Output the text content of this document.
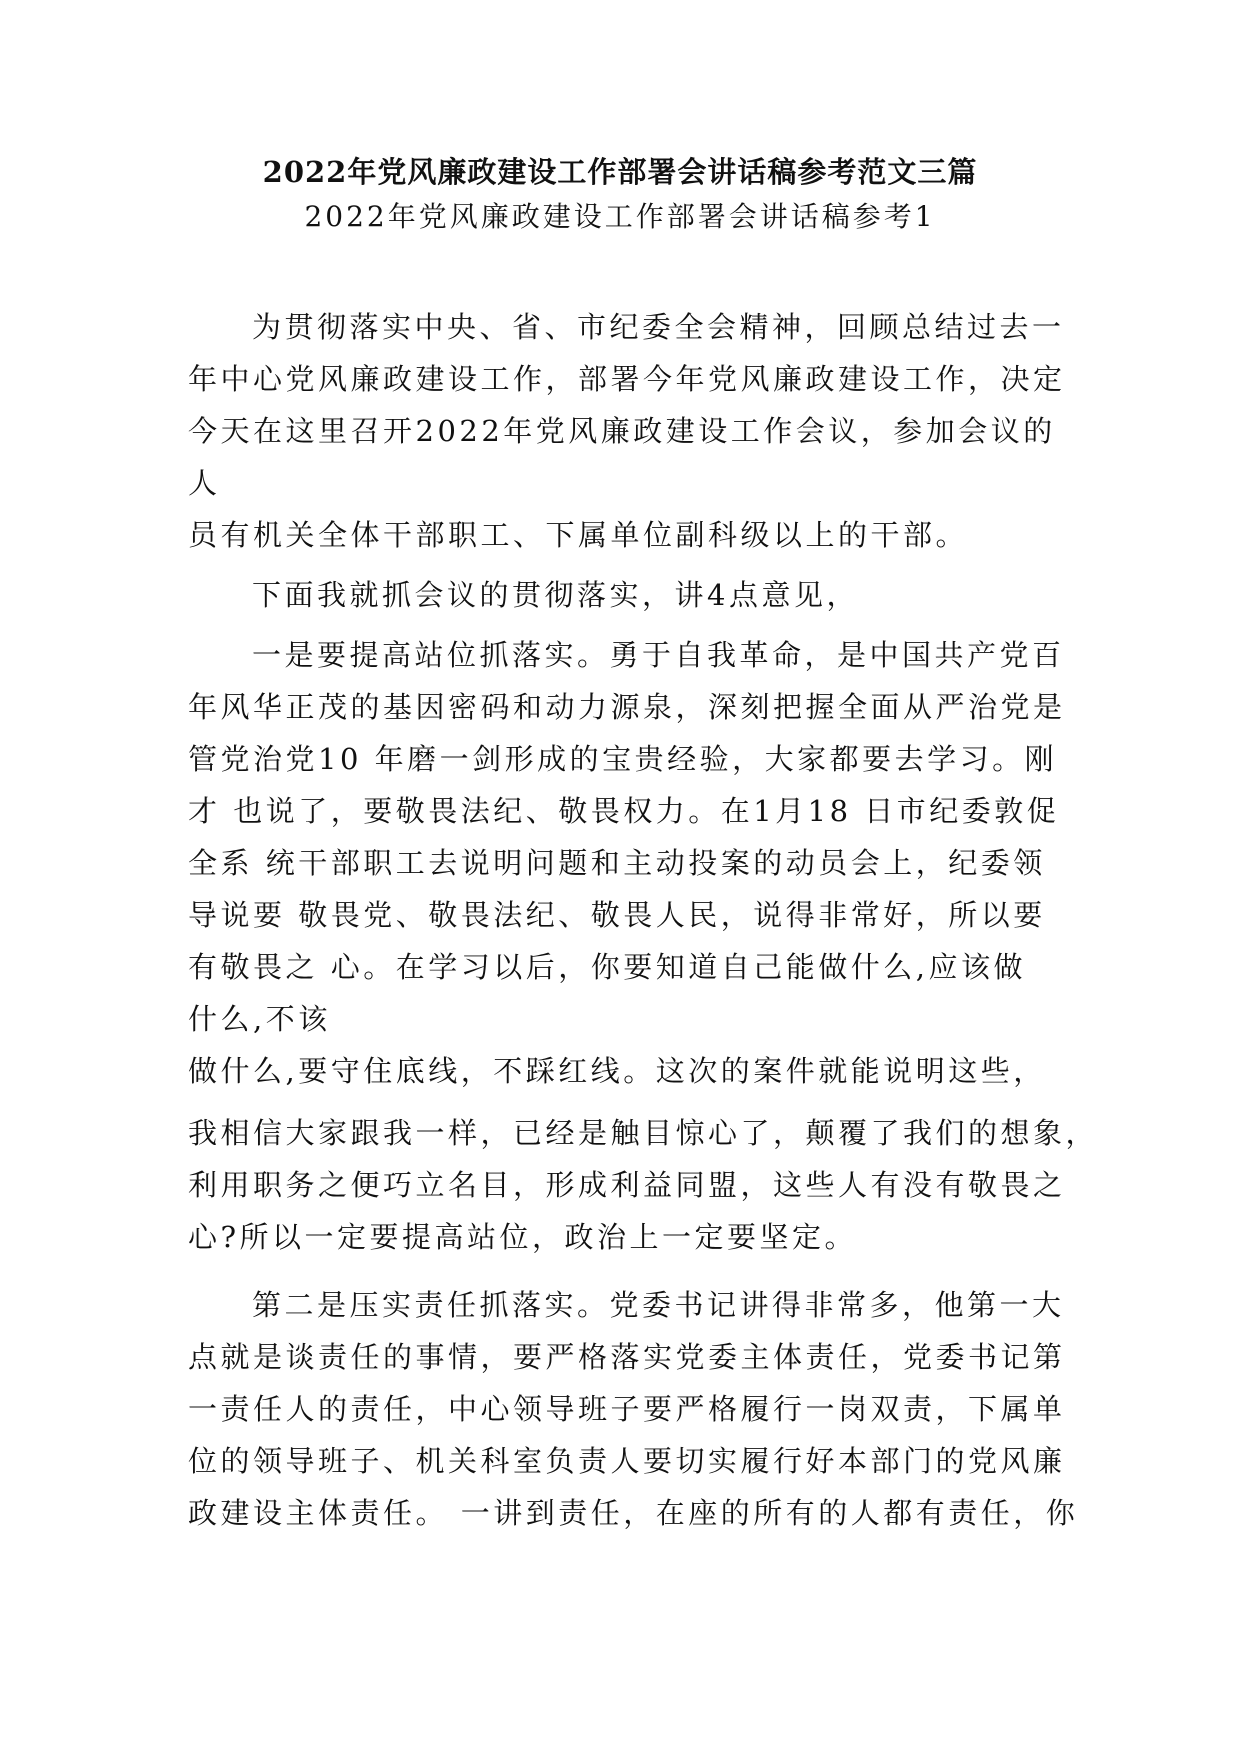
2022年党风廉政建设工作部署会讲话稿参考范文三篇
2022年党风廉政建设工作部署会讲话稿参考1
为贯彻落实中央、省、市纪委全会精神，回顾总结过去一
年中心党风廉政建设工作，部署今年党风廉政建设工作，决定
今天在这里召开2022年党风廉政建设工作会议，参加会议的
人
员有机关全体干部职工、下属单位副科级以上的干部。
下面我就抓会议的贯彻落实，讲4点意见，
一是要提高站位抓落实。勇于自我革命，是中国共产党百
年风华正茂的基因密码和动力源泉，深刻把握全面从严治党是
管党治党10 年磨一剑形成的宝贵经验，大家都要去学习。刚
才 也说了，要敬畏法纪、敬畏权力。在1月18 日市纪委敦促
全系 统干部职工去说明问题和主动投案的动员会上，纪委领
导说要 敬畏党、敬畏法纪、敬畏人民，说得非常好，所以要
有敬畏之 心。在学习以后，你要知道自己能做什么,应该做
什么,不该
做什么,要守住底线，不踩红线。这次的案件就能说明这些，
我相信大家跟我一样，已经是触目惊心了，颠覆了我们的想象，
利用职务之便巧立名目，形成利益同盟，这些人有没有敬畏之
心?所以一定要提高站位，政治上一定要坚定。
第二是压实责任抓落实。党委书记讲得非常多，他第一大
点就是谈责任的事情，要严格落实党委主体责任，党委书记第
一责任人的责任，中心领导班子要严格履行一岗双责，下属单
位的领导班子、机关科室负责人要切实履行好本部门的党风廉
政建设主体责任。 一讲到责任，在座的所有的人都有责任，你
